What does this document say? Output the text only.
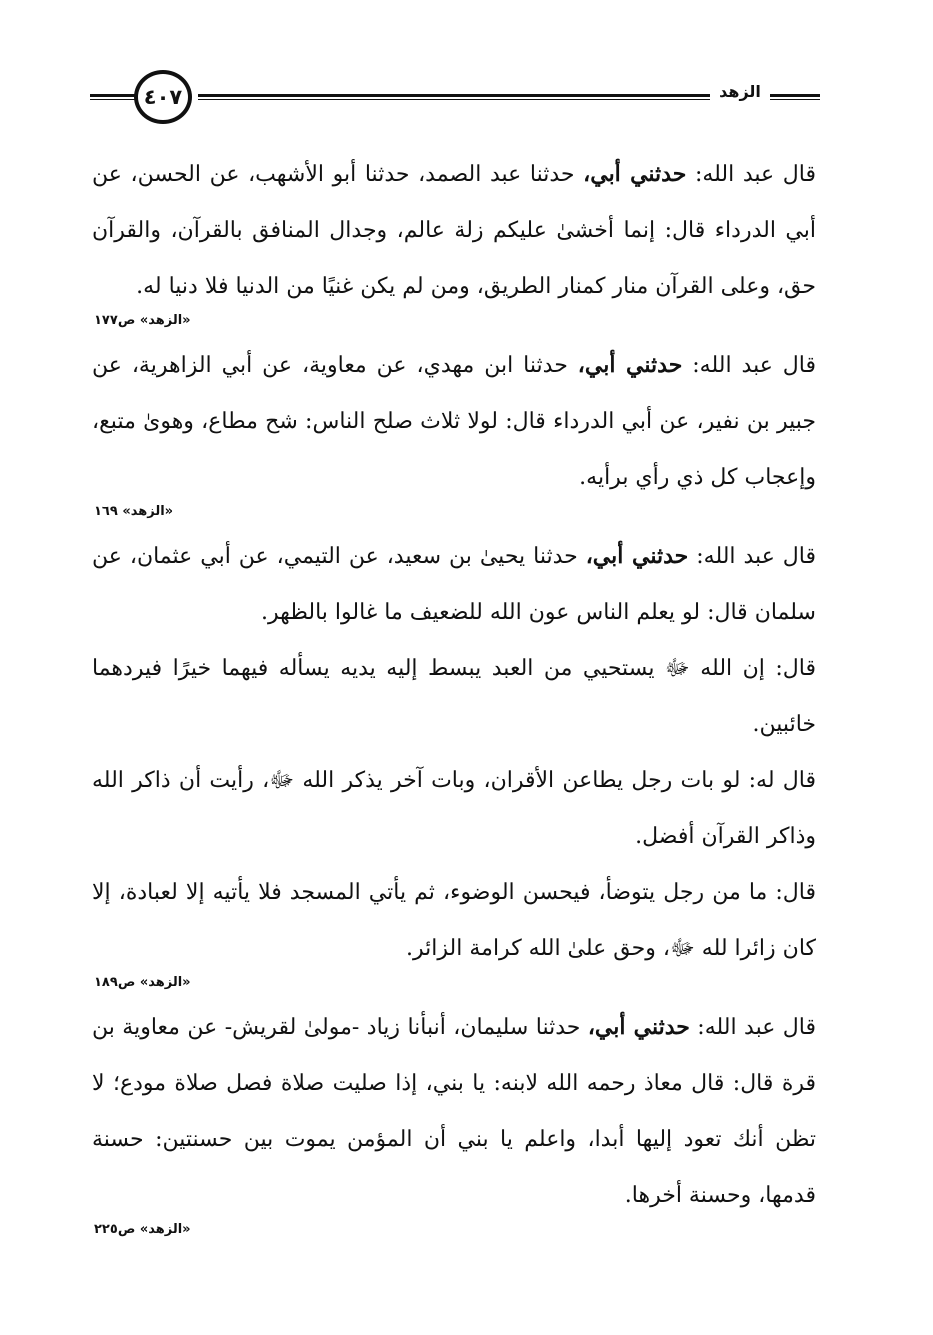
٤٠٧	الزهد

قال عبد الله: حدثني أبي، حدثنا عبد الصمد، حدثنا أبو الأشهب، عن الحسن، عن أبي الدرداء قال: إنما أخشىٰ عليكم زلة عالم، وجدال المنافق بالقرآن، والقرآن حق، وعلى القرآن منار كمنار الطريق، ومن لم يكن غنيًا من الدنيا فلا دنيا له.

«الزهد» ص١٧٧

قال عبد الله: حدثني أبي، حدثنا ابن مهدي، عن معاوية، عن أبي الزاهرية، عن جبير بن نفير، عن أبي الدرداء قال: لولا ثلاث صلح الناس: شح مطاع، وهوىٰ متبع، وإعجاب كل ذي رأي برأيه.

«الزهد» ١٦٩

قال عبد الله: حدثني أبي، حدثنا يحيىٰ بن سعيد، عن التيمي، عن أبي عثمان، عن سلمان قال: لو يعلم الناس عون الله للضعيف ما غالوا بالظهر.

قال: إن الله ﷻ يستحيي من العبد يبسط إليه يديه يسأله فيهما خيرًا فيردهما خائبين.

قال له: لو بات رجل يطاعن الأقران، وبات آخر يذكر الله ﷻ، رأيت أن ذاكر الله وذاكر القرآن أفضل.

قال: ما من رجل يتوضأ، فيحسن الوضوء، ثم يأتي المسجد فلا يأتيه إلا لعبادة، إلا كان زائرا لله ﷻ، وحق علىٰ الله كرامة الزائر.

«الزهد» ص١٨٩

قال عبد الله: حدثني أبي، حدثنا سليمان، أنبأنا زياد -مولىٰ لقريش- عن معاوية بن قرة قال: قال معاذ رحمه الله لابنه: يا بني، إذا صليت صلاة فصل صلاة مودع؛ لا تظن أنك تعود إليها أبدا، واعلم يا بني أن المؤمن يموت بين حسنتين: حسنة قدمها، وحسنة أخرها.

«الزهد» ص٢٢٥
